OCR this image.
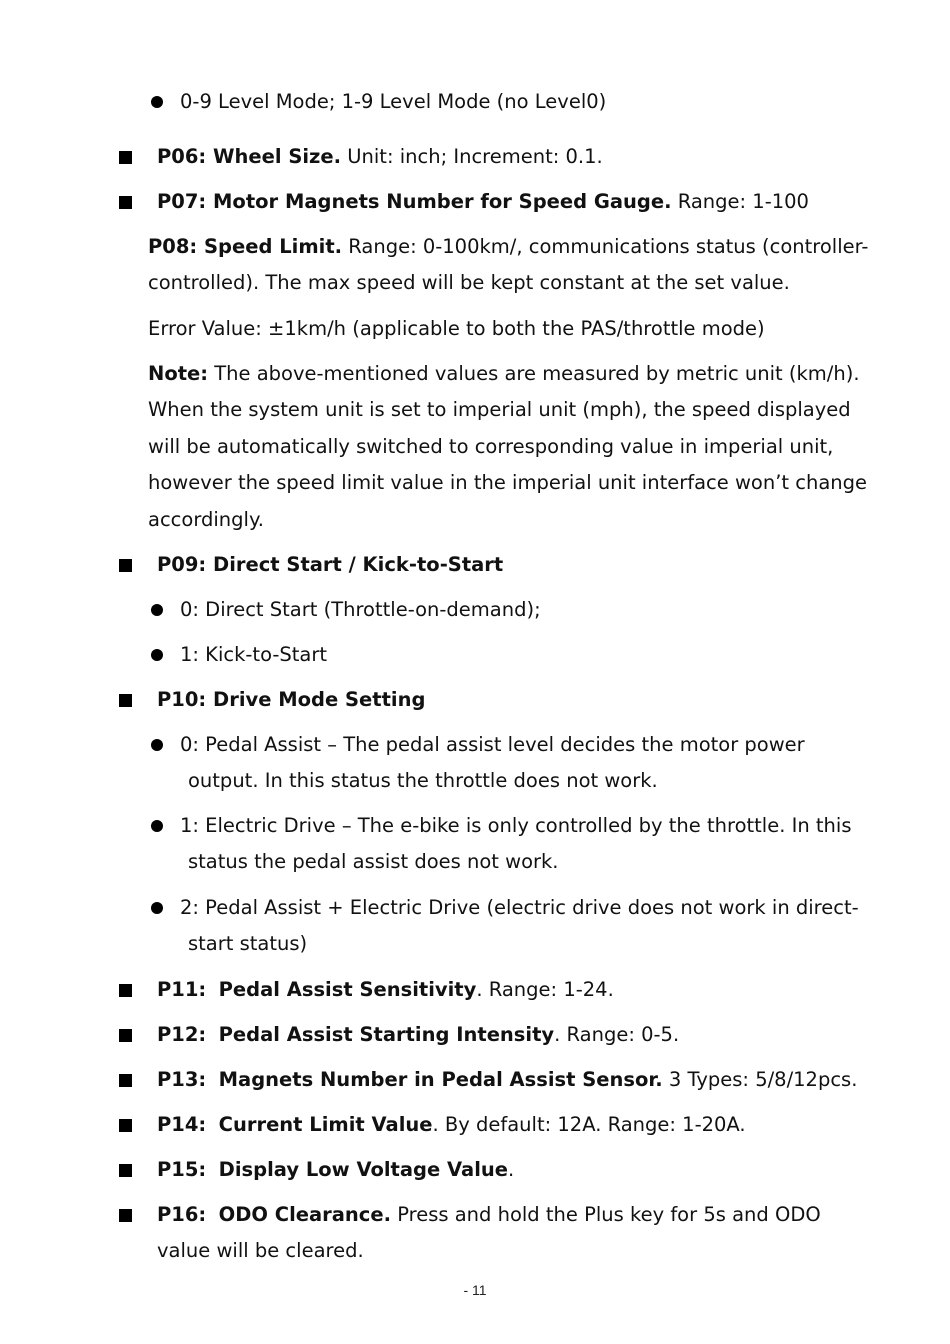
0-9 Level Mode; 1-9 Level Mode (no Level0)
P06: Wheel Size. Unit: inch; Increment: 0.1.
P07: Motor Magnets Number for Speed Gauge. Range: 1-100
P08: Speed Limit. Range: 0-100km/, communications status (controller-
controlled). The max speed will be kept constant at the set value.
Error Value: ±1km/h (applicable to both the PAS/throttle mode)
Note: The above-mentioned values are measured by metric unit (km/h).
When the system unit is set to imperial unit (mph), the speed displayed
will be automatically switched to corresponding value in imperial unit,
however the speed limit value in the imperial unit interface won’t change
accordingly.
P09: Direct Start / Kick-to-Start
0: Direct Start (Throttle-on-demand);
1: Kick-to-Start
P10: Drive Mode Setting
0: Pedal Assist – The pedal assist level decides the motor power
output. In this status the throttle does not work.
1: Electric Drive – The e-bike is only controlled by the throttle. In this
status the pedal assist does not work.
2: Pedal Assist + Electric Drive (electric drive does not work in direct-
start status)
P11: Pedal Assist Sensitivity. Range: 1-24.
P12: Pedal Assist Starting Intensity. Range: 0-5.
P13: Magnets Number in Pedal Assist Sensor. 3 Types: 5/8/12pcs.
P14: Current Limit Value. By default: 12A. Range: 1-20A.
P15: Display Low Voltage Value.
P16: ODO Clearance. Press and hold the Plus key for 5s and ODO
value will be cleared.
- 11
